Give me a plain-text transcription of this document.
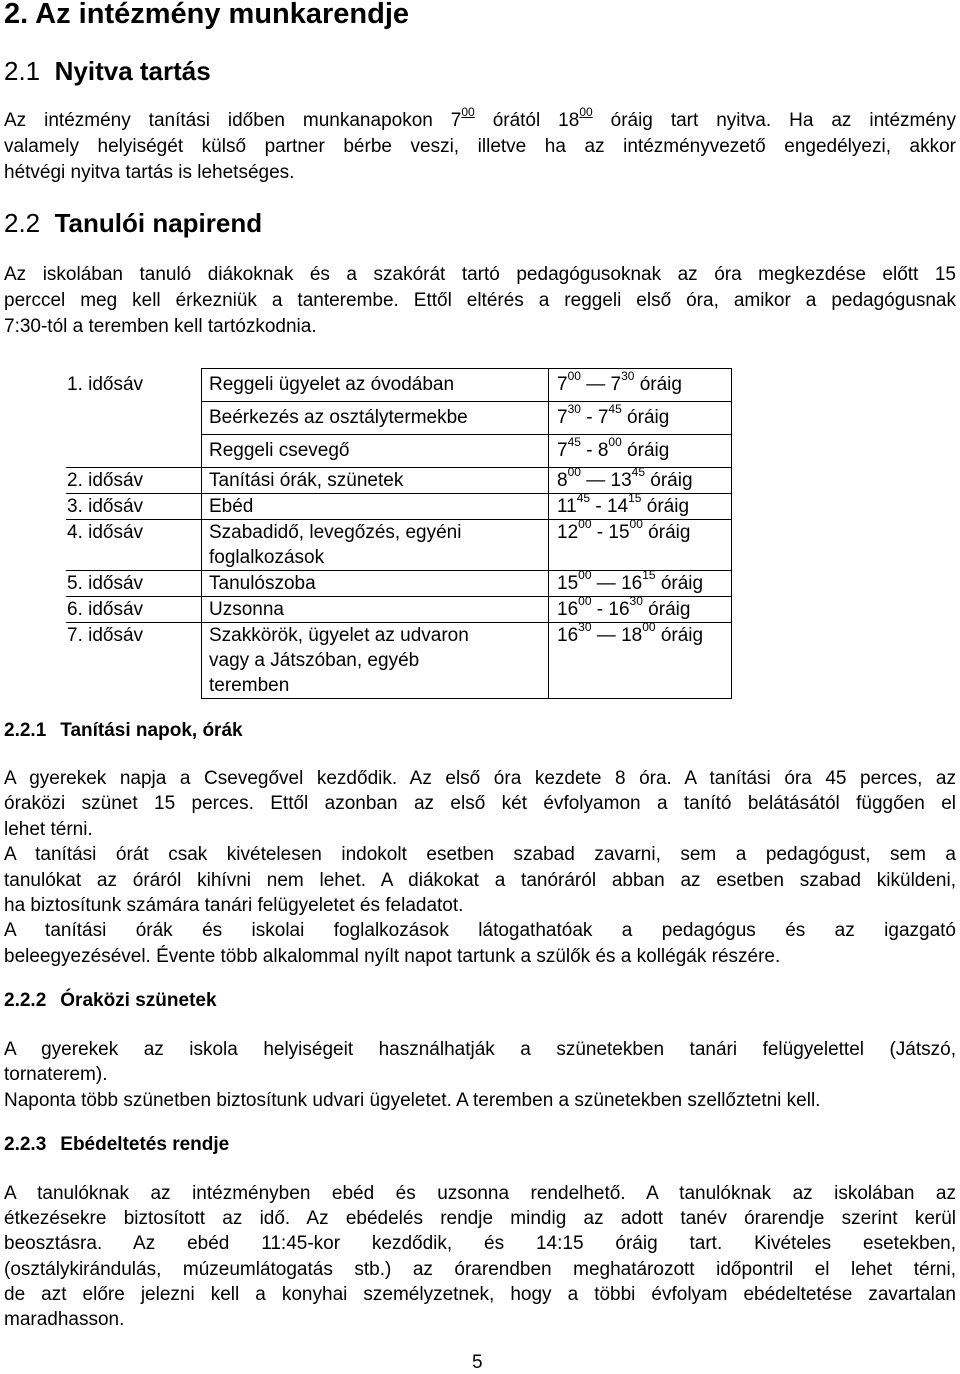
2. Az intézmény munkarendje
2.1 Nyitva tartás
Az intézmény tanítási időben munkanapokon $7^{00}$ órától $18^{00}$ óráig tart nyitva. Ha az intézmény
valamely helyiségét külső partner bérbe veszi, illetve ha az intézményvezető engedélyezi, akkor
hétvégi nyitva tartás is lehetséges.
2.2 Tanulói napirend
Az iskolában tanuló diákoknak és a szakórát tartó pedagógusoknak az óra megkezdése előtt 15
perccel meg kell érkezniük a tanterembe. Ettől eltérés a reggeli első óra, amikor a pedagógusnak
7:30-tól a teremben kell tartózkodnia.
1. idősáv	Reggeli ügyelet az óvodában	$7^{00}$ — $7^{30}$ óráig
	Beérkezés az osztálytermekbe	$7^{30} - 7^{45}$ óráig
	Reggeli csevegő	$7^{45} - 8^{00}$ óráig
2. idősáv	Tanítási órák, szünetek	$8^{00}$ — $13^{45}$ óráig
3. idősáv	Ebéd	$11^{45} - 14^{15}$ óráig
4. idősáv	Szabadidő, levegőzés, egyéni
foglalkozások	$12^{00} - 15^{00}$ óráig
5. idősáv	Tanulószoba	$15^{00}$ — $16^{15}$ óráig
6. idősáv	Uzsonna	$16^{00} - 16^{30}$ óráig
7. idősáv	Szakkörök, ügyelet az udvaron
vagy a Játszóban, egyéb
teremben	$16^{30}$ — $18^{00}$ óráig
2.2.1 Tanítási napok, órák
A gyerekek napja a Csevegővel kezdődik. Az első óra kezdete 8 óra. A tanítási óra 45 perces, az
óraközi szünet 15 perces. Ettől azonban az első két évfolyamon a tanító belátásától függően el
lehet térni.
A tanítási órát csak kivételesen indokolt esetben szabad zavarni, sem a pedagógust, sem a
tanulókat az óráról kihívni nem lehet. A diákokat a tanóráról abban az esetben szabad kiküldeni,
ha biztosítunk számára tanári felügyeletet és feladatot.
A tanítási órák és iskolai foglalkozások látogathatóak a pedagógus és az igazgató
beleegyezésével. Évente több alkalommal nyílt napot tartunk a szülők és a kollégák részére.
2.2.2 Óraközi szünetek
A gyerekek az iskola helyiségeit használhatják a szünetekben tanári felügyelettel (Játszó,
tornaterem).
Naponta több szünetben biztosítunk udvari ügyeletet. A teremben a szünetekben szellőztetni kell.
2.2.3 Ebédeltetés rendje
A tanulóknak az intézményben ebéd és uzsonna rendelhető. A tanulóknak az iskolában az
étkezésekre biztosított az idő. Az ebédelés rendje mindig az adott tanév órarendje szerint kerül
beosztásra. Az ebéd 11:45-kor kezdődik, és 14:15 óráig tart. Kivételes esetekben,
(osztálykirándulás, múzeumlátogatás stb.) az órarendben meghatározott időpontril el lehet térni,
de azt előre jelezni kell a konyhai személyzetnek, hogy a többi évfolyam ebédeltetése zavartalan
maradhasson.
5
